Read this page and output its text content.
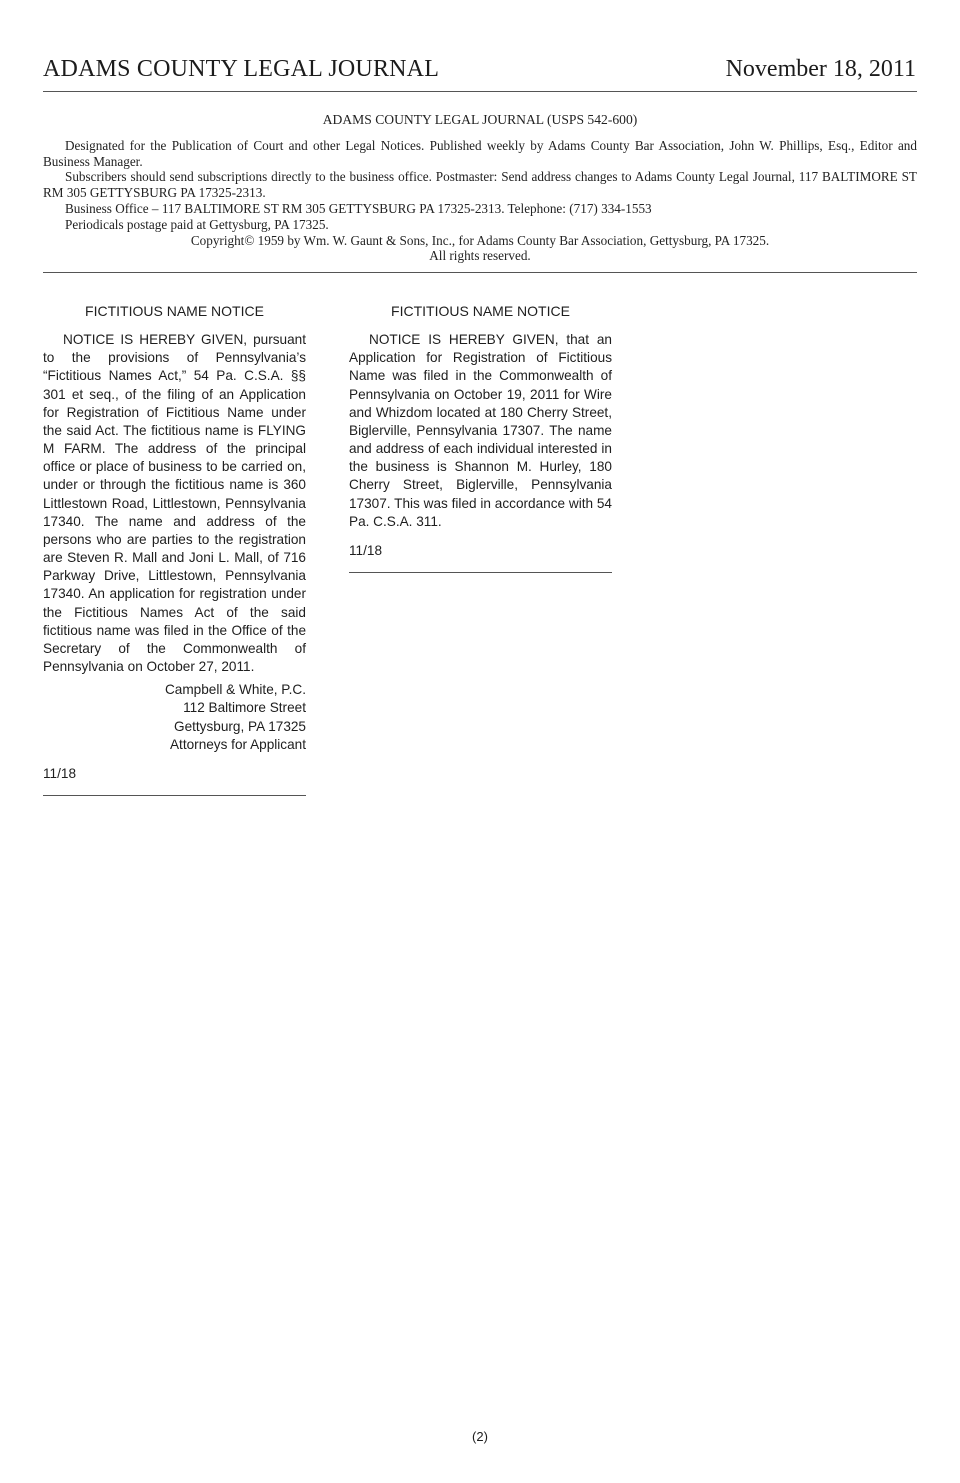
ADAMS COUNTY LEGAL JOURNAL	November 18, 2011
ADAMS COUNTY LEGAL JOURNAL (USPS 542-600)

Designated for the Publication of Court and other Legal Notices. Published weekly by Adams County Bar Association, John W. Phillips, Esq., Editor and Business Manager.

Subscribers should send subscriptions directly to the business office. Postmaster: Send address changes to Adams County Legal Journal, 117 BALTIMORE ST RM 305 GETTYSBURG PA 17325-2313.

Business Office – 117 BALTIMORE ST RM 305 GETTYSBURG PA 17325-2313. Telephone: (717) 334-1553

Periodicals postage paid at Gettysburg, PA 17325.

Copyright© 1959 by Wm. W. Gaunt & Sons, Inc., for Adams County Bar Association, Gettysburg, PA 17325.

All rights reserved.

FICTITIOUS NAME NOTICE

NOTICE IS HEREBY GIVEN, pursuant to the provisions of Pennsylvania’s “Fictitious Names Act,” 54 Pa. C.S.A. §§ 301 et seq., of the filing of an Application for Registration of Fictitious Name under the said Act. The fictitious name is FLYING M FARM. The address of the principal office or place of business to be carried on, under or through the fictitious name is 360 Littlestown Road, Littlestown, Pennsylvania 17340. The name and address of the persons who are parties to the registration are Steven R. Mall and Joni L. Mall, of 716 Parkway Drive, Littlestown, Pennsylvania 17340. An application for registration under the Fictitious Names Act of the said fictitious name was filed in the Office of the Secretary of the Commonwealth of Pennsylvania on October 27, 2011.

Campbell & White, P.C.
112 Baltimore Street
Gettysburg, PA 17325
Attorneys for Applicant
11/18

FICTITIOUS NAME NOTICE

NOTICE IS HEREBY GIVEN, that an Application for Registration of Fictitious Name was filed in the Commonwealth of Pennsylvania on October 19, 2011 for Wire and Whizdom located at 180 Cherry Street, Biglerville, Pennsylvania 17307. The name and address of each individual interested in the business is Shannon M. Hurley, 180 Cherry Street, Biglerville, Pennsylvania 17307. This was filed in accordance with 54 Pa. C.S.A. 311.

11/18
(2)
